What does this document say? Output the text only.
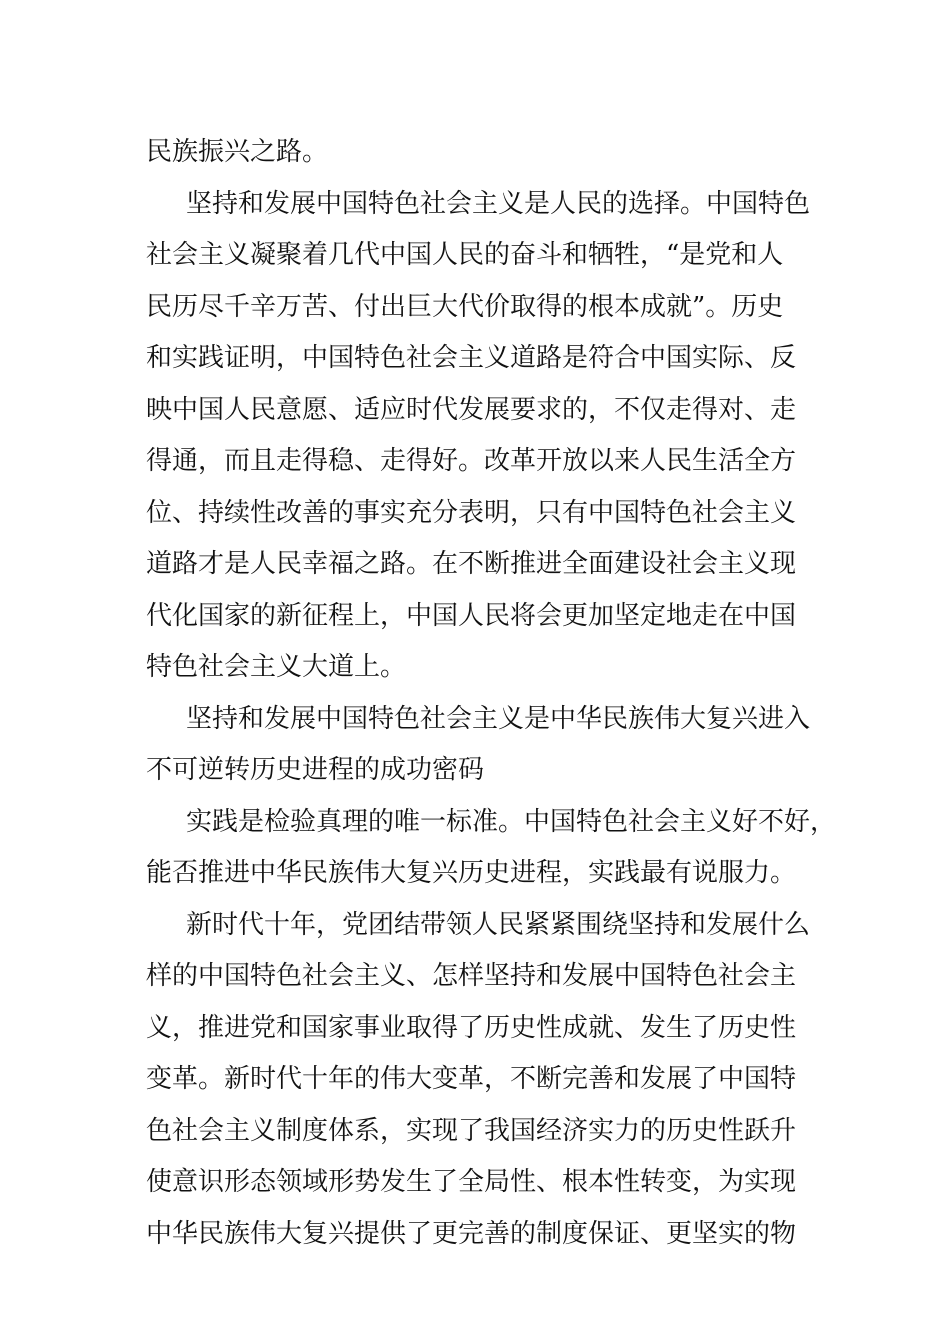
民族振兴之路。
坚持和发展中国特色社会主义是人民的选择。中国特色
社会主义凝聚着几代中国人民的奋斗和牺牲，“是党和人
民历尽千辛万苦、付出巨大代价取得的根本成就”。历史
和实践证明，中国特色社会主义道路是符合中国实际、反
映中国人民意愿、适应时代发展要求的，不仅走得对、走
得通，而且走得稳、走得好。改革开放以来人民生活全方
位、持续性改善的事实充分表明，只有中国特色社会主义
道路才是人民幸福之路。在不断推进全面建设社会主义现
代化国家的新征程上，中国人民将会更加坚定地走在中国
特色社会主义大道上。
坚持和发展中国特色社会主义是中华民族伟大复兴进入
不可逆转历史进程的成功密码
实践是检验真理的唯一标准。中国特色社会主义好不好，
能否推进中华民族伟大复兴历史进程，实践最有说服力。
新时代十年，党团结带领人民紧紧围绕坚持和发展什么
样的中国特色社会主义、怎样坚持和发展中国特色社会主
义，推进党和国家事业取得了历史性成就、发生了历史性
变革。新时代十年的伟大变革，不断完善和发展了中国特
色社会主义制度体系，实现了我国经济实力的历史性跃升
使意识形态领域形势发生了全局性、根本性转变，为实现
中华民族伟大复兴提供了更完善的制度保证、更坚实的物
